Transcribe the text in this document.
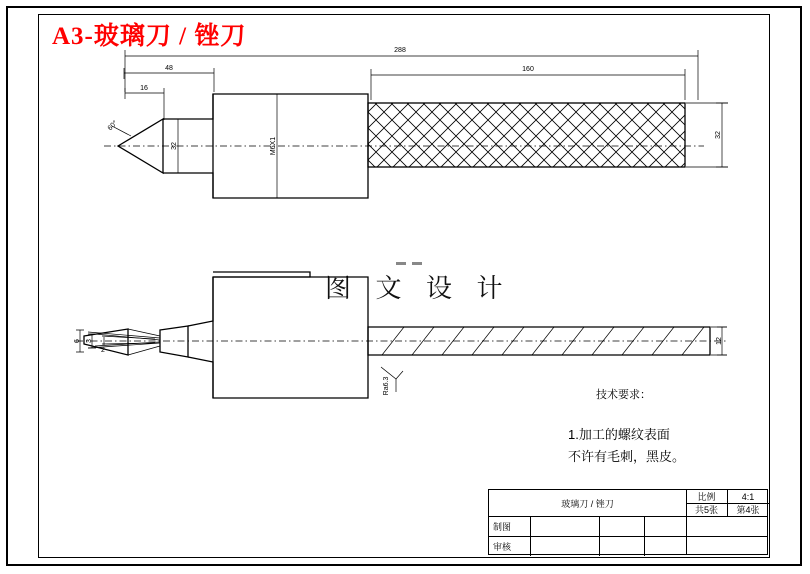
A3-玻璃刀 / 锉刀
图 文 设 计
288
160
48
16
32	M6X1
32
60°
6 3
2
12
Ra6.3	技术要求：
1.加工的螺纹表面
不许有毛刺，黑皮。
玻璃刀 / 锉刀
比例	4:1
共5张	第4张
制图
审核
